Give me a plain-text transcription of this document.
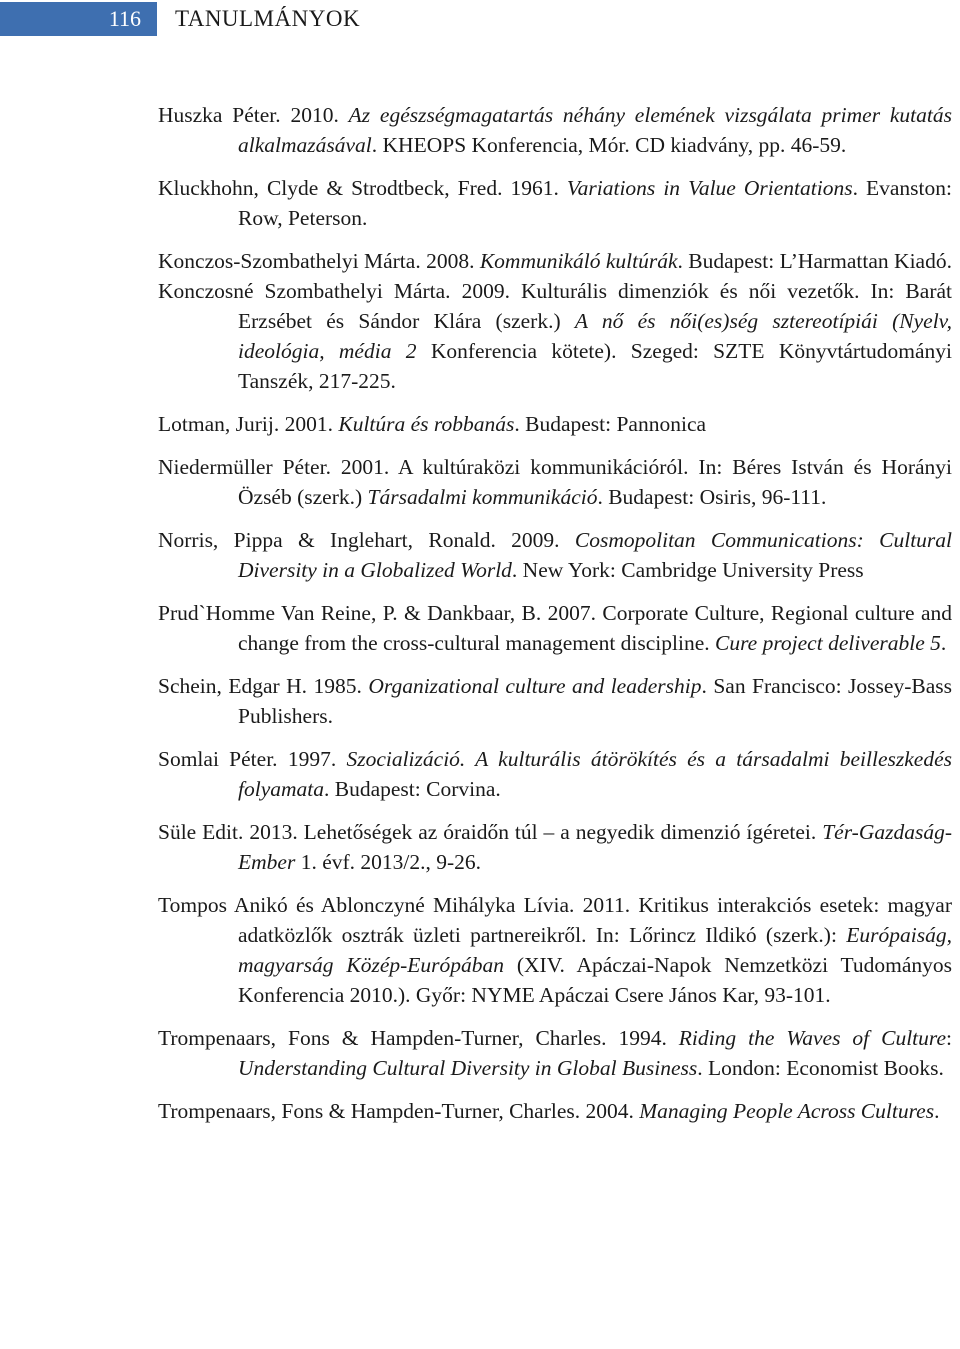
116	TANULMÁNYOK

Huszka Péter. 2010. Az egészségmagatartás néhány elemének vizsgálata primer kutatás alkalmazásával. KHEOPS Konferencia, Mór. CD kiadvány, pp. 46-59.

Kluckhohn, Clyde & Strodtbeck, Fred. 1961. Variations in Value Orientations. Evanston: Row, Peterson.

Konczos-Szombathelyi Márta. 2008. Kommunikáló kultúrák. Budapest: L’Harmattan Kiadó.

Konczosné Szombathelyi Márta. 2009. Kulturális dimenziók és női vezetők. In: Barát Erzsébet és Sándor Klára (szerk.) A nő és női(es)ség sztereotípiái (Nyelv, ideológia, média 2 Konferencia kötete). Szeged: SZTE Könyvtártudományi Tanszék, 217-225.

Lotman, Jurij. 2001. Kultúra és robbanás. Budapest: Pannonica

Niedermüller Péter. 2001. A kultúraközi kommunikációról. In: Béres István és Horányi Özséb (szerk.) Társadalmi kommunikáció. Budapest: Osiris, 96-111.

Norris, Pippa & Inglehart, Ronald. 2009. Cosmopolitan Communications: Cultural Diversity in a Globalized World. New York: Cambridge University Press

Prud`Homme Van Reine, P. & Dankbaar, B. 2007. Corporate Culture, Regional culture and change from the cross-cultural management discipline. Cure project deliverable 5.

Schein, Edgar H. 1985. Organizational culture and leadership. San Francisco: Jossey-Bass Publishers.

Somlai Péter. 1997. Szocializáció. A kulturális átörökítés és a társadalmi beilleszkedés folyamata. Budapest: Corvina.

Süle Edit. 2013. Lehetőségek az óraidőn túl – a negyedik dimenzió ígéretei. Tér-Gazdaság-Ember 1. évf. 2013/2., 9-26.

Tompos Anikó és Ablonczyné Mihályka Lívia. 2011. Kritikus interakciós esetek: magyar adatközlők osztrák üzleti partnereikről. In: Lőrincz Ildikó (szerk.): Európaiság, magyarság Közép-Európában (XIV. Apáczai-Napok Nemzetközi Tudományos Konferencia 2010.). Győr: NYME Apáczai Csere János Kar, 93-101.

Trompenaars, Fons & Hampden-Turner, Charles. 1994. Riding the Waves of Culture: Understanding Cultural Diversity in Global Business. London: Economist Books.

Trompenaars, Fons & Hampden-Turner, Charles. 2004. Managing People Across Cultures.
